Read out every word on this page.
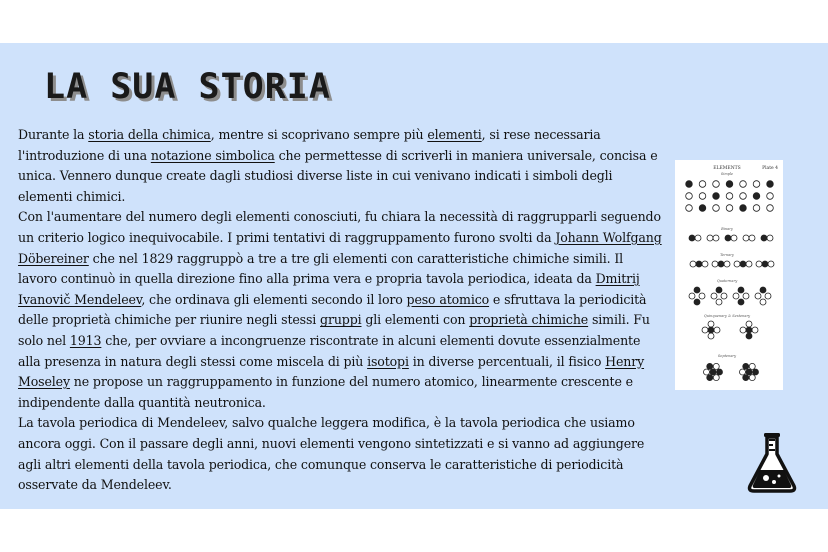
LA SUA STORIA

Durante la storia della chimica, mentre si scoprivano sempre più elementi, si rese necessaria l'introduzione di una notazione simbolica che permettesse di scriverli in maniera universale, concisa e unica. Vennero dunque create dagli studiosi diverse liste in cui venivano indicati i simboli degli elementi chimici.

Con l'aumentare del numero degli elementi conosciuti, fu chiara la necessità di raggrupparli seguendo un criterio logico inequivocabile. I primi tentativi di raggruppamento furono svolti da Johann Wolfgang Döbereiner che nel 1829 raggruppò a tre a tre gli elementi con caratteristiche chimiche simili. Il lavoro continuò in quella direzione fino alla prima vera e propria tavola periodica, ideata da Dmitrij Ivanovič Mendeleev, che ordinava gli elementi secondo il loro peso atomico e sfruttava la periodicità delle proprietà chimiche per riunire negli stessi gruppi gli elementi con proprietà chimiche simili. Fu solo nel 1913 che, per ovviare a incongruenze riscontrate in alcuni elementi dovute essenzialmente alla presenza in natura degli stessi come miscela di più isotopi in diverse percentuali, il fisico Henry Moseley ne propose un raggruppamento in funzione del numero atomico, linearmente crescente e indipendente dalla quantità neutronica.

La tavola periodica di Mendeleev, salvo qualche leggera modifica, è la tavola periodica che usiamo ancora oggi. Con il passare degli anni, nuovi elementi vengono sintetizzati e si vanno ad aggiungere agli altri elementi della tavola periodica, che comunque conserva le caratteristiche di periodicità osservate da Mendeleev.

ELEMENTS	Plate 4
Simple
Binary
Ternary
Quaternary
Quinquenary & Sextenary
Septenary
